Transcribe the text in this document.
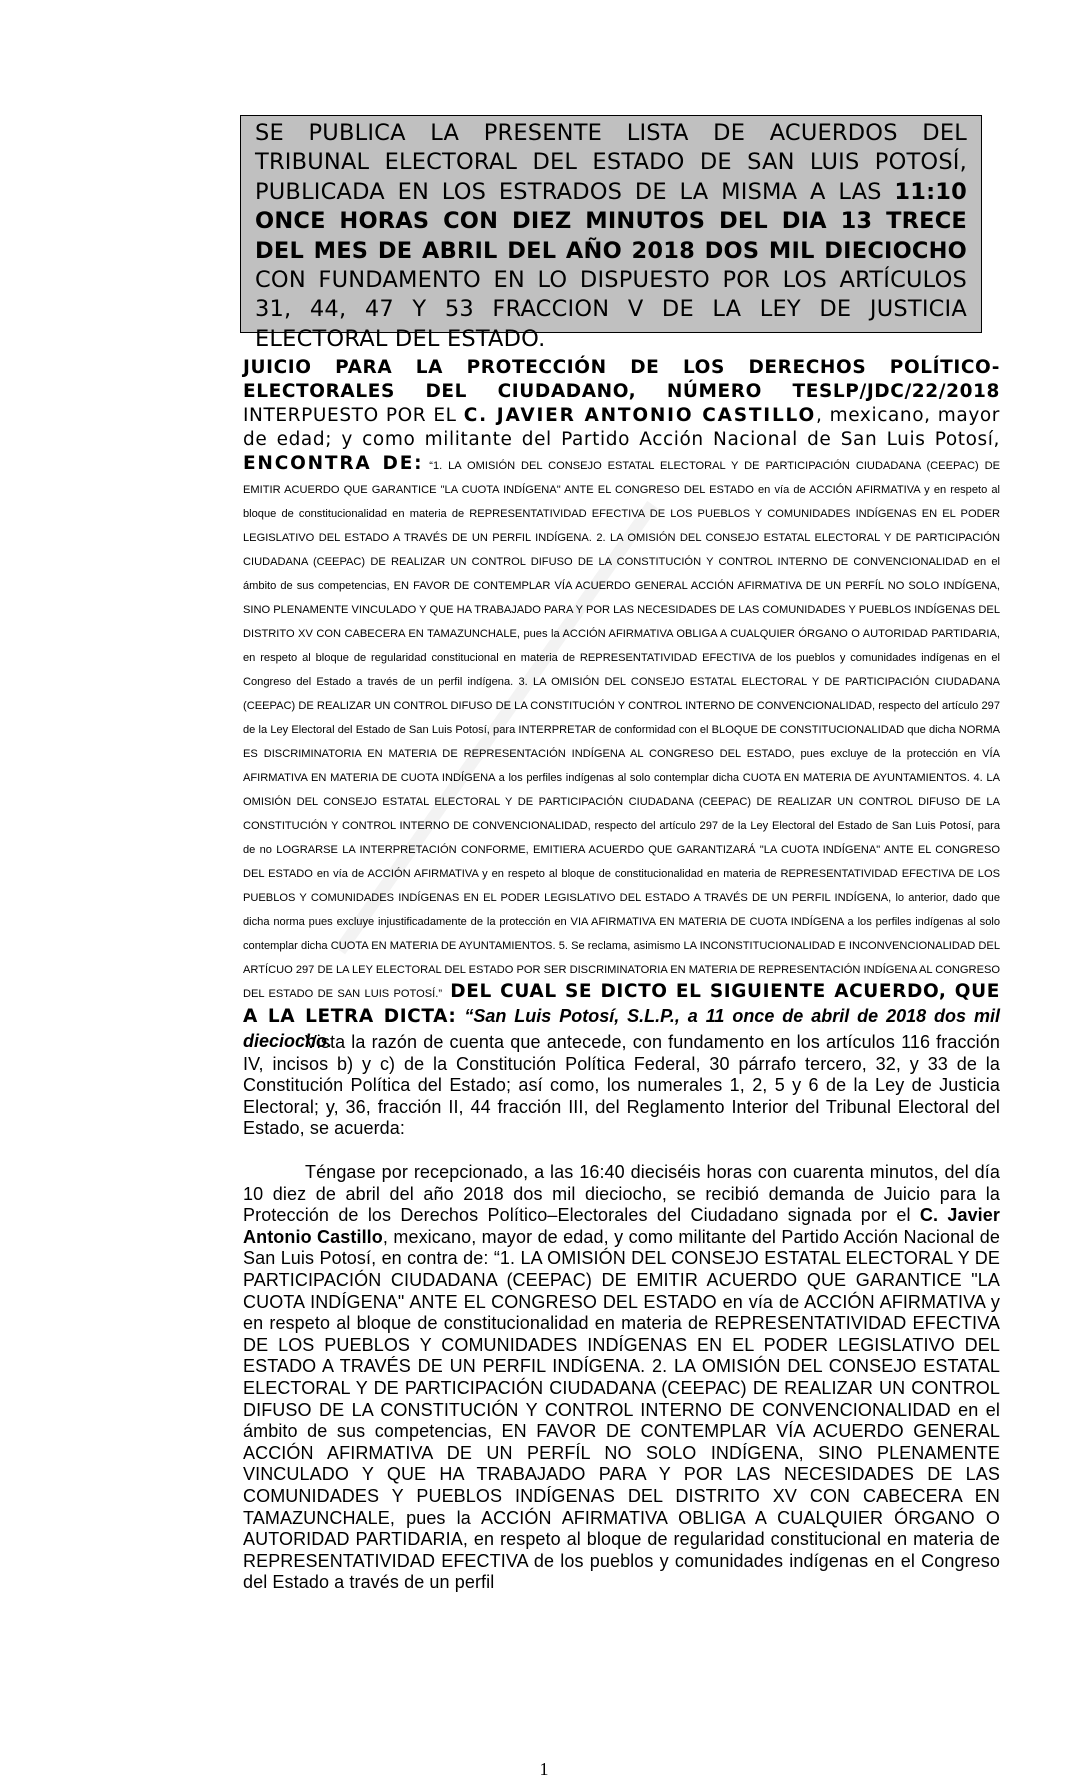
SE PUBLICA LA PRESENTE LISTA DE ACUERDOS DEL TRIBUNAL ELECTORAL DEL ESTADO DE SAN LUIS POTOSÍ, PUBLICADA EN LOS ESTRADOS DE LA MISMA A LAS 11:10 ONCE HORAS CON DIEZ MINUTOS DEL DIA 13 TRECE DEL MES DE ABRIL DEL AÑO 2018 DOS MIL DIECIOCHO CON FUNDAMENTO EN LO DISPUESTO POR LOS ARTÍCULOS 31, 44, 47 Y 53 FRACCION V DE LA LEY DE JUSTICIA ELECTORAL DEL ESTADO.
JUICIO PARA LA PROTECCIÓN DE LOS DERECHOS POLÍTICO-ELECTORALES DEL CIUDADANO, NÚMERO TESLP/JDC/22/2018 INTERPUESTO POR EL C. JAVIER ANTONIO CASTILLO, mexicano, mayor de edad; y como militante del Partido Acción Nacional de San Luis Potosí, ENCONTRA DE: “1. LA OMISIÓN DEL CONSEJO ESTATAL ELECTORAL Y DE PARTICIPACIÓN CIUDADANA (CEEPAC) DE EMITIR ACUERDO QUE GARANTICE "LA CUOTA INDÍGENA" ANTE EL CONGRESO DEL ESTADO en vía de ACCIÓN AFIRMATIVA y en respeto al bloque de constitucionalidad en materia de REPRESENTATIVIDAD EFECTIVA DE LOS PUEBLOS Y COMUNIDADES INDÍGENAS EN EL PODER LEGISLATIVO DEL ESTADO A TRAVÉS DE UN PERFIL INDÍGENA. 2. LA OMISIÓN DEL CONSEJO ESTATAL ELECTORAL Y DE PARTICIPACIÓN CIUDADANA (CEEPAC) DE REALIZAR UN CONTROL DIFUSO DE LA CONSTITUCIÓN Y CONTROL INTERNO DE CONVENCIONALIDAD en el ámbito de sus competencias, EN FAVOR DE CONTEMPLAR VÍA ACUERDO GENERAL ACCIÓN AFIRMATIVA DE UN PERFÍL NO SOLO INDÍGENA, SINO PLENAMENTE VINCULADO Y QUE HA TRABAJADO PARA Y POR LAS NECESIDADES DE LAS COMUNIDADES Y PUEBLOS INDÍGENAS DEL DISTRITO XV CON CABECERA EN TAMAZUNCHALE, pues la ACCIÓN AFIRMATIVA OBLIGA A CUALQUIER ÓRGANO O AUTORIDAD PARTIDARIA, en respeto al bloque de regularidad constitucional en materia de REPRESENTATIVIDAD EFECTIVA de los pueblos y comunidades indígenas en el Congreso del Estado a través de un perfil indígena. 3. LA OMISIÓN DEL CONSEJO ESTATAL ELECTORAL Y DE PARTICIPACIÓN CIUDADANA (CEEPAC) DE REALIZAR UN CONTROL DIFUSO DE LA CONSTITUCIÓN Y CONTROL INTERNO DE CONVENCIONALIDAD, respecto del artículo 297 de la Ley Electoral del Estado de San Luis Potosí, para INTERPRETAR de conformidad con el BLOQUE DE CONSTITUCIONALIDAD que dicha NORMA ES DISCRIMINATORIA EN MATERIA DE REPRESENTACIÓN INDÍGENA AL CONGRESO DEL ESTADO, pues excluye de la protección en VÍA AFIRMATIVA EN MATERIA DE CUOTA INDÍGENA a los perfiles indígenas al solo contemplar dicha CUOTA EN MATERIA DE AYUNTAMIENTOS. 4. LA OMISIÓN DEL CONSEJO ESTATAL ELECTORAL Y DE PARTICIPACIÓN CIUDADANA (CEEPAC) DE REALIZAR UN CONTROL DIFUSO DE LA CONSTITUCIÓN Y CONTROL INTERNO DE CONVENCIONALIDAD, respecto del artículo 297 de la Ley Electoral del Estado de San Luis Potosí, para de no LOGRARSE LA INTERPRETACIÓN CONFORME, EMITIERA ACUERDO QUE GARANTIZARÁ "LA CUOTA INDÍGENA" ANTE EL CONGRESO DEL ESTADO en vía de ACCIÓN AFIRMATIVA y en respeto al bloque de constitucionalidad en materia de REPRESENTATIVIDAD EFECTIVA DE LOS PUEBLOS Y COMUNIDADES INDÍGENAS EN EL PODER LEGISLATIVO DEL ESTADO A TRAVÉS DE UN PERFIL INDÍGENA, lo anterior, dado que dicha norma pues excluye injustificadamente de la protección en VIA AFIRMATIVA EN MATERIA DE CUOTA INDÍGENA a los perfiles indígenas al solo contemplar dicha CUOTA EN MATERIA DE AYUNTAMIENTOS. 5. Se reclama, asimismo LA INCONSTITUCIONALIDAD E INCONVENCIONALIDAD DEL ARTÍCUO 297 DE LA LEY ELECTORAL DEL ESTADO POR SER DISCRIMINATORIA EN MATERIA DE REPRESENTACIÓN INDÍGENA AL CONGRESO DEL ESTADO DE SAN LUIS POTOSÍ.” DEL CUAL SE DICTO EL SIGUIENTE ACUERDO, QUE A LA LETRA DICTA: “San Luis Potosí, S.L.P., a 11 once de abril de 2018 dos mil dieciocho.
Vista la razón de cuenta que antecede, con fundamento en los artículos 116 fracción IV, incisos b) y c) de la Constitución Política Federal, 30 párrafo tercero, 32, y 33 de la Constitución Política del Estado; así como, los numerales 1, 2, 5 y 6 de la Ley de Justicia Electoral; y, 36, fracción II, 44 fracción III, del Reglamento Interior del Tribunal Electoral del Estado, se acuerda:
Téngase por recepcionado, a las 16:40 dieciséis horas con cuarenta minutos, del día 10 diez de abril del año 2018 dos mil dieciocho, se recibió demanda de Juicio para la Protección de los Derechos Político–Electorales del Ciudadano signada por el C. Javier Antonio Castillo, mexicano, mayor de edad, y como militante del Partido Acción Nacional de San Luis Potosí, en contra de: “1. LA OMISIÓN DEL CONSEJO ESTATAL ELECTORAL Y DE PARTICIPACIÓN CIUDADANA (CEEPAC) DE EMITIR ACUERDO QUE GARANTICE "LA CUOTA INDÍGENA" ANTE EL CONGRESO DEL ESTADO en vía de ACCIÓN AFIRMATIVA y en respeto al bloque de constitucionalidad en materia de REPRESENTATIVIDAD EFECTIVA DE LOS PUEBLOS Y COMUNIDADES INDÍGENAS EN EL PODER LEGISLATIVO DEL ESTADO A TRAVÉS DE UN PERFIL INDÍGENA. 2. LA OMISIÓN DEL CONSEJO ESTATAL ELECTORAL Y DE PARTICIPACIÓN CIUDADANA (CEEPAC) DE REALIZAR UN CONTROL DIFUSO DE LA CONSTITUCIÓN Y CONTROL INTERNO DE CONVENCIONALIDAD en el ámbito de sus competencias, EN FAVOR DE CONTEMPLAR VÍA ACUERDO GENERAL ACCIÓN AFIRMATIVA DE UN PERFÍL NO SOLO INDÍGENA, SINO PLENAMENTE VINCULADO Y QUE HA TRABAJADO PARA Y POR LAS NECESIDADES DE LAS COMUNIDADES Y PUEBLOS INDÍGENAS DEL DISTRITO XV CON CABECERA EN TAMAZUNCHALE, pues la ACCIÓN AFIRMATIVA OBLIGA A CUALQUIER ÓRGANO O AUTORIDAD PARTIDARIA, en respeto al bloque de regularidad constitucional en materia de REPRESENTATIVIDAD EFECTIVA de los pueblos y comunidades indígenas en el Congreso del Estado a través de un perfil
1
